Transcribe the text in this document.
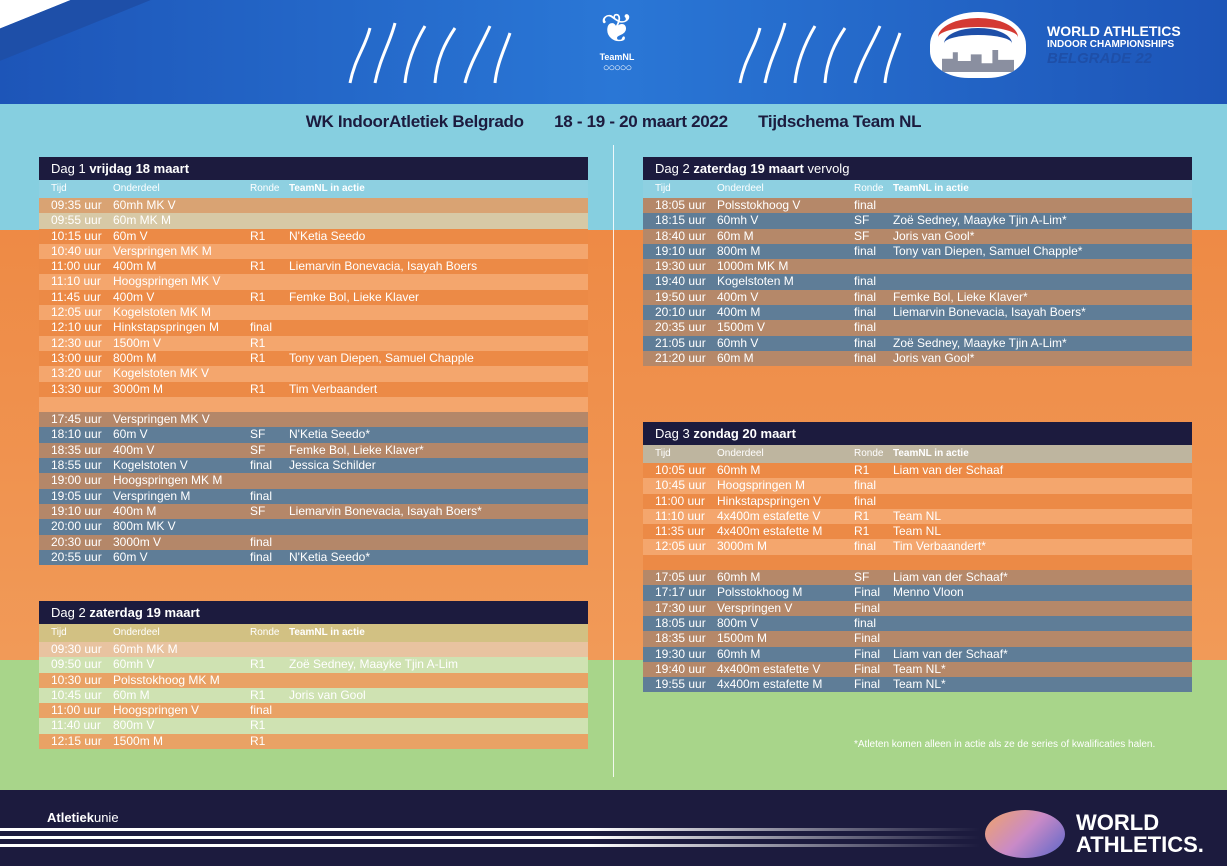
❦
TeamNL
○○○○○
WORLD ATHLETICS
INDOOR CHAMPIONSHIPS
BELGRADE 22
WK IndoorAtletiek Belgrado 18 - 19 - 20 maart 2022 Tijdschema Team NL
Dag 1 vrijdag 18 maart
Tijd	Onderdeel	Ronde TeamNL in actie
09:35 uur 60mh MK V
09:55 uur 60m MK M
10:15 uur 60m V	R1 N'Ketia Seedo
10:40 uur Verspringen MK M
11:00 uur 400m M	R1 Liemarvin Bonevacia, Isayah Boers
11:10 uur Hoogspringen MK V
11:45 uur 400m V	R1 Femke Bol, Lieke Klaver
12:05 uur Kogelstoten MK M
12:10 uur Hinkstapspringen M	final
12:30 uur 1500m V	R1
13:00 uur 800m M	R1 Tony van Diepen, Samuel Chapple
13:20 uur Kogelstoten MK V
13:30 uur 3000m M	R1 Tim Verbaandert
17:45 uur Verspringen MK V
18:10 uur 60m V	SF N'Ketia Seedo*
18:35 uur 400m V	SF Femke Bol, Lieke Klaver*
18:55 uur Kogelstoten V	final Jessica Schilder
19:00 uur Hoogspringen MK M
19:05 uur Verspringen M	final
19:10 uur 400m M	SF Liemarvin Bonevacia, Isayah Boers*
20:00 uur 800m MK V
20:30 uur 3000m V	final
20:55 uur 60m V	final N'Ketia Seedo*
Dag 2 zaterdag 19 maart
Tijd	Onderdeel	Ronde TeamNL in actie
09:30 uur 60mh MK M
09:50 uur 60mh V	R1 Zoë Sedney, Maayke Tjin A-Lim
10:30 uur Polsstokhoog MK M
10:45 uur 60m M	R1 Joris van Gool
11:00 uur Hoogspringen V	final
11:40 uur 800m V	R1
12:15 uur 1500m M	R1
Dag 2 zaterdag 19 maart vervolg
Tijd	Onderdeel	Ronde TeamNL in actie
18:05 uur Polsstokhoog V	final
18:15 uur 60mh V	SF Zoë Sedney, Maayke Tjin A-Lim*
18:40 uur 60m M	SF Joris van Gool*
19:10 uur 800m M	final Tony van Diepen, Samuel Chapple*
19:30 uur 1000m MK M
19:40 uur Kogelstoten M	final
19:50 uur 400m V	final Femke Bol, Lieke Klaver*
20:10 uur 400m M	final Liemarvin Bonevacia, Isayah Boers*
20:35 uur 1500m V	final
21:05 uur 60mh V	final Zoë Sedney, Maayke Tjin A-Lim*
21:20 uur 60m M	final Joris van Gool*
Dag 3 zondag 20 maart
Tijd	Onderdeel	Ronde TeamNL in actie
10:05 uur 60mh M	R1 Liam van der Schaaf
10:45 uur Hoogspringen M	final
11:00 uur Hinkstapspringen V	final
11:10 uur 4x400m estafette V	R1 Team NL
11:35 uur 4x400m estafette M	R1 Team NL
12:05 uur 3000m M	final Tim Verbaandert*
17:05 uur 60mh M	SF Liam van der Schaaf*
17:17 uur Polsstokhoog M	Final Menno Vloon
17:30 uur Verspringen V	Final
18:05 uur 800m V	final
18:35 uur 1500m M	Final
19:30 uur 60mh M	Final Liam van der Schaaf*
19:40 uur 4x400m estafette V	Final Team NL*
19:55 uur 4x400m estafette M	Final Team NL*
*Atleten komen alleen in actie als ze de series of kwalificaties halen.
Atletiekunie	WORLD
ATHLETICS.
